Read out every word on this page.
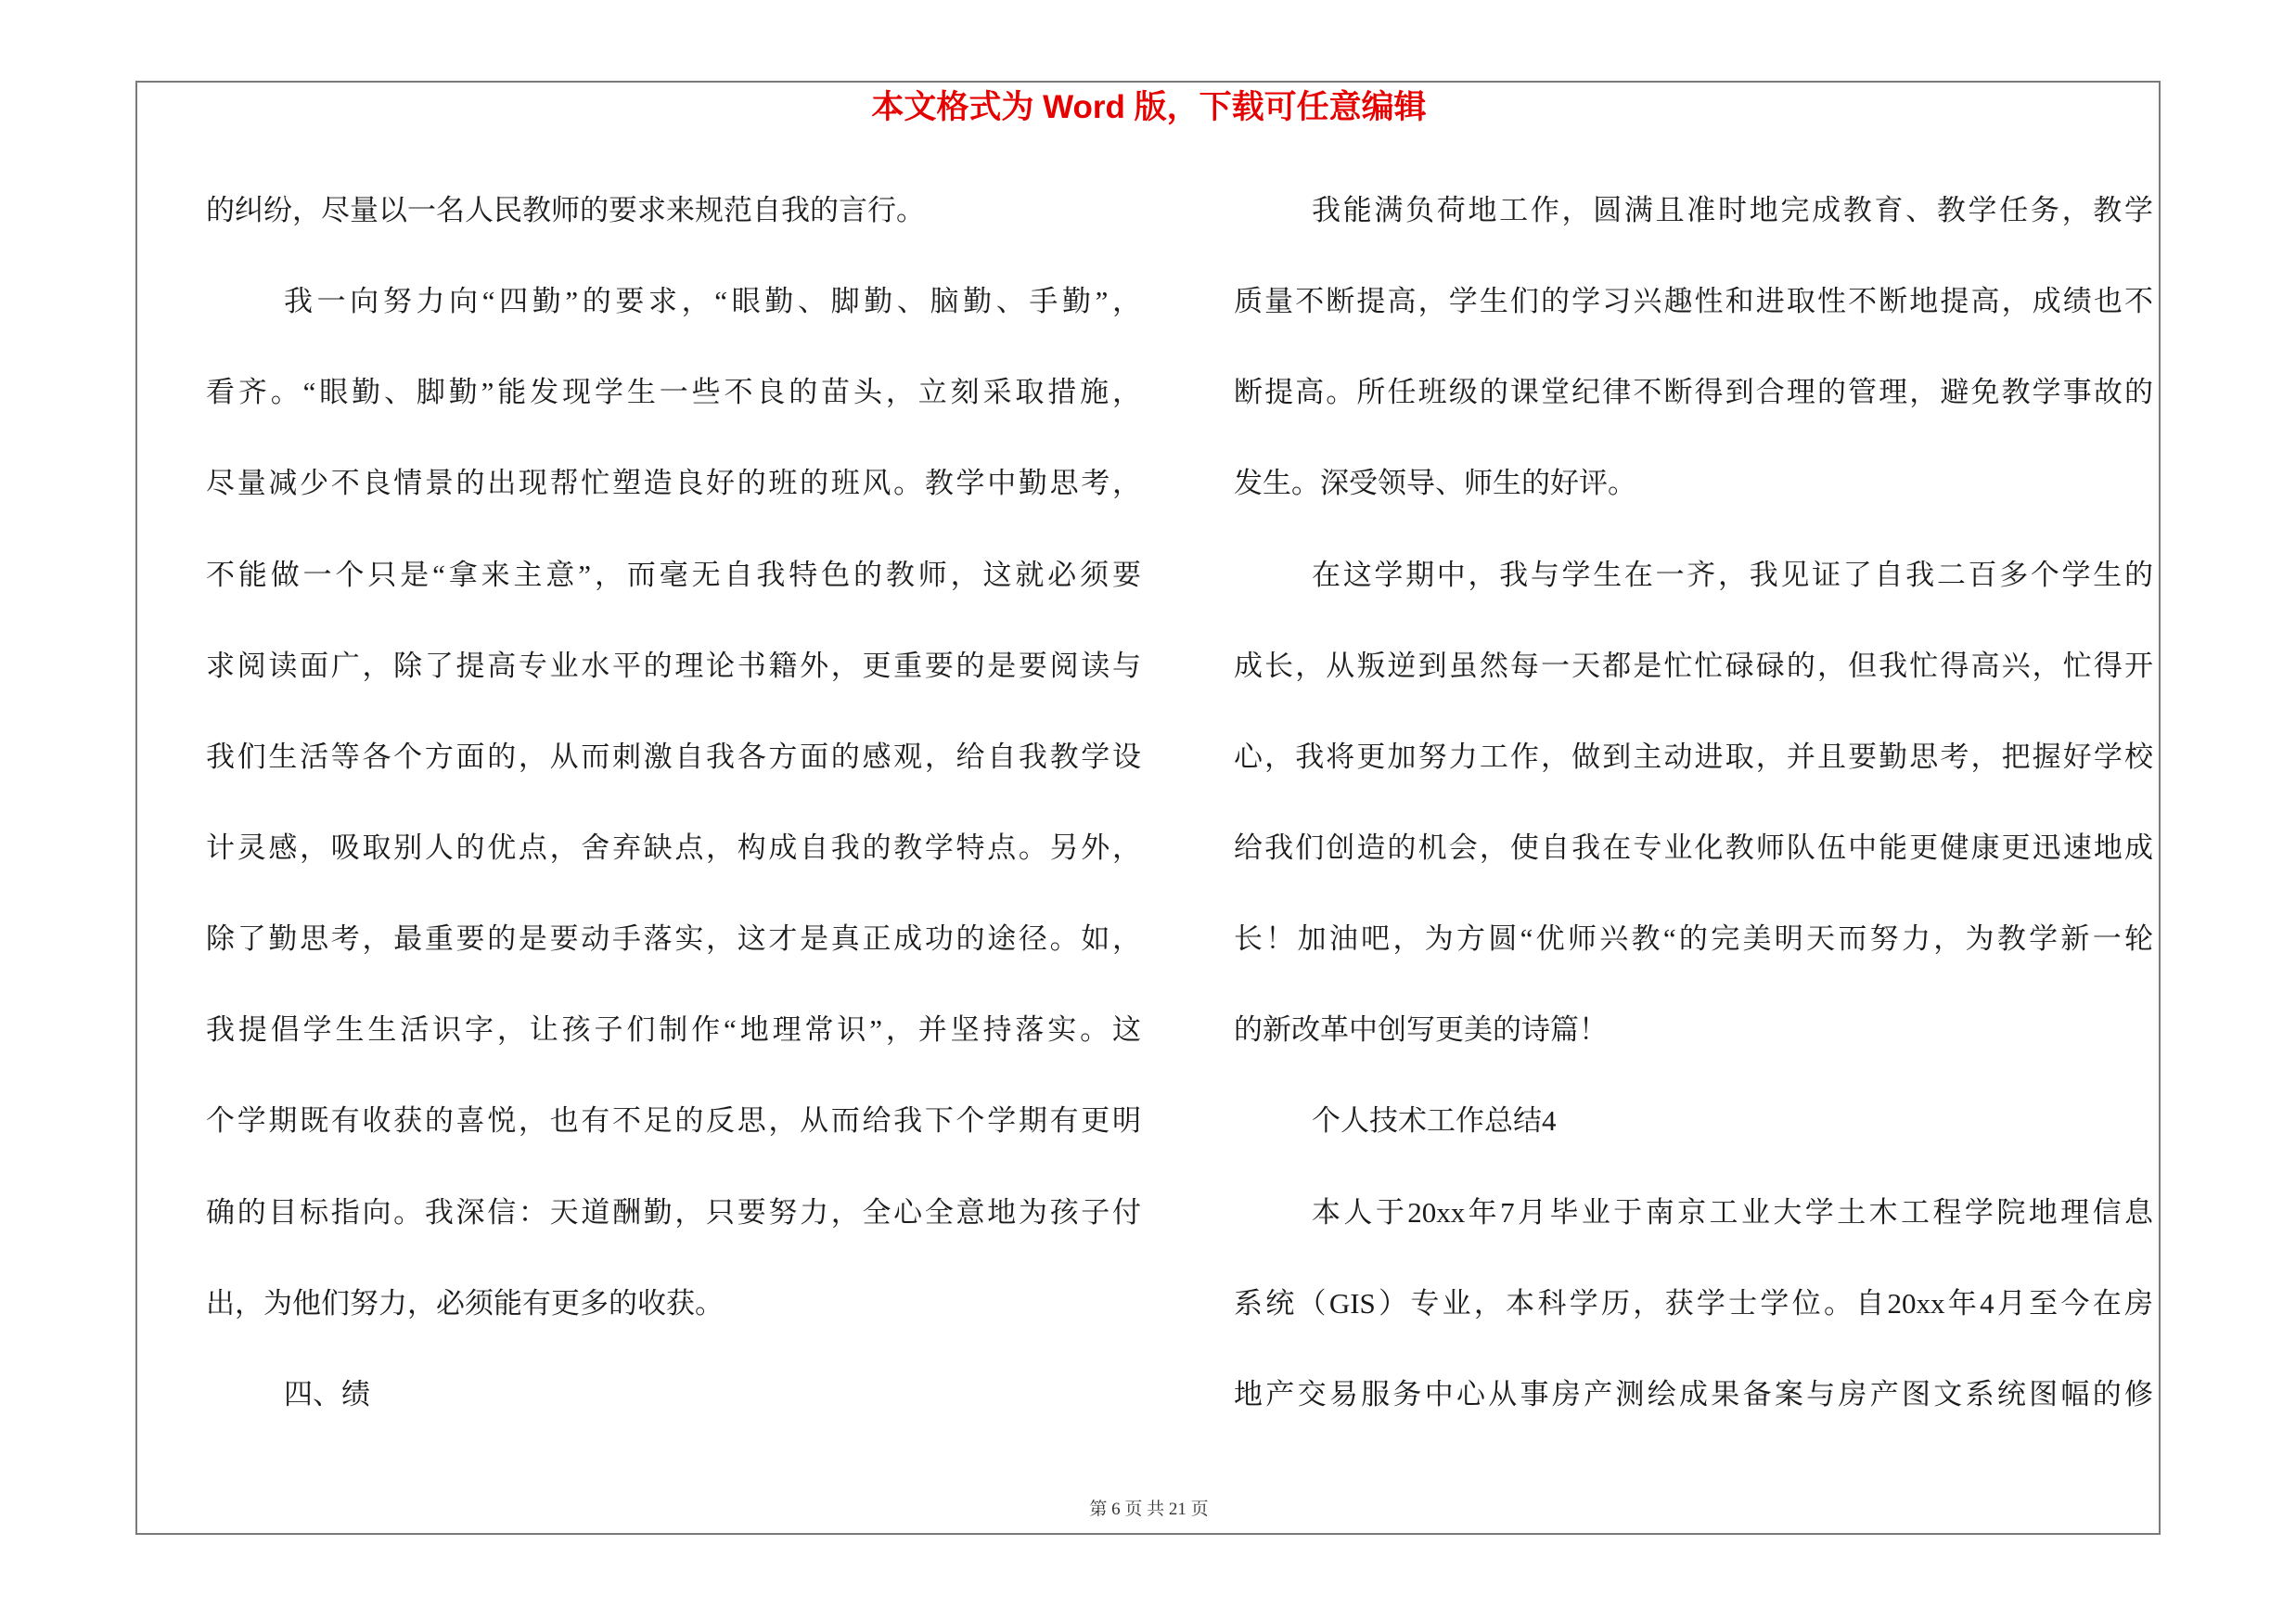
本文格式为 Word 版，下载可任意编辑
的纠纷，尽量以一名人民教师的要求来规范自我的言行。
我一向努力向“四勤”的要求，“眼勤、脚勤、脑勤、手勤”，
看齐。“眼勤、脚勤”能发现学生一些不良的苗头，立刻采取措施，
尽量减少不良情景的出现帮忙塑造良好的班的班风。教学中勤思考，
不能做一个只是“拿来主意”，而毫无自我特色的教师，这就必须要
求阅读面广，除了提高专业水平的理论书籍外，更重要的是要阅读与
我们生活等各个方面的，从而刺激自我各方面的感观，给自我教学设
计灵感，吸取别人的优点，舍弃缺点，构成自我的教学特点。另外，
除了勤思考，最重要的是要动手落实，这才是真正成功的途径。如，
我提倡学生生活识字，让孩子们制作“地理常识”，并坚持落实。这
个学期既有收获的喜悦，也有不足的反思，从而给我下个学期有更明
确的目标指向。我深信：天道酬勤，只要努力，全心全意地为孩子付
出，为他们努力，必须能有更多的收获。
四、绩
我能满负荷地工作，圆满且准时地完成教育、教学任务，教学
质量不断提高，学生们的学习兴趣性和进取性不断地提高，成绩也不
断提高。所任班级的课堂纪律不断得到合理的管理，避免教学事故的
发生。深受领导、师生的好评。
在这学期中，我与学生在一齐，我见证了自我二百多个学生的
成长，从叛逆到虽然每一天都是忙忙碌碌的，但我忙得高兴，忙得开
心，我将更加努力工作，做到主动进取，并且要勤思考，把握好学校
给我们创造的机会，使自我在专业化教师队伍中能更健康更迅速地成
长！加油吧，为方圆“优师兴教“的完美明天而努力，为教学新一轮
的新改革中创写更美的诗篇！
个人技术工作总结4
本人于20xx年7月毕业于南京工业大学土木工程学院地理信息
系统（GIS）专业，本科学历，获学士学位。自20xx年4月至今在房
地产交易服务中心从事房产测绘成果备案与房产图文系统图幅的修
第 6 页 共 21 页
